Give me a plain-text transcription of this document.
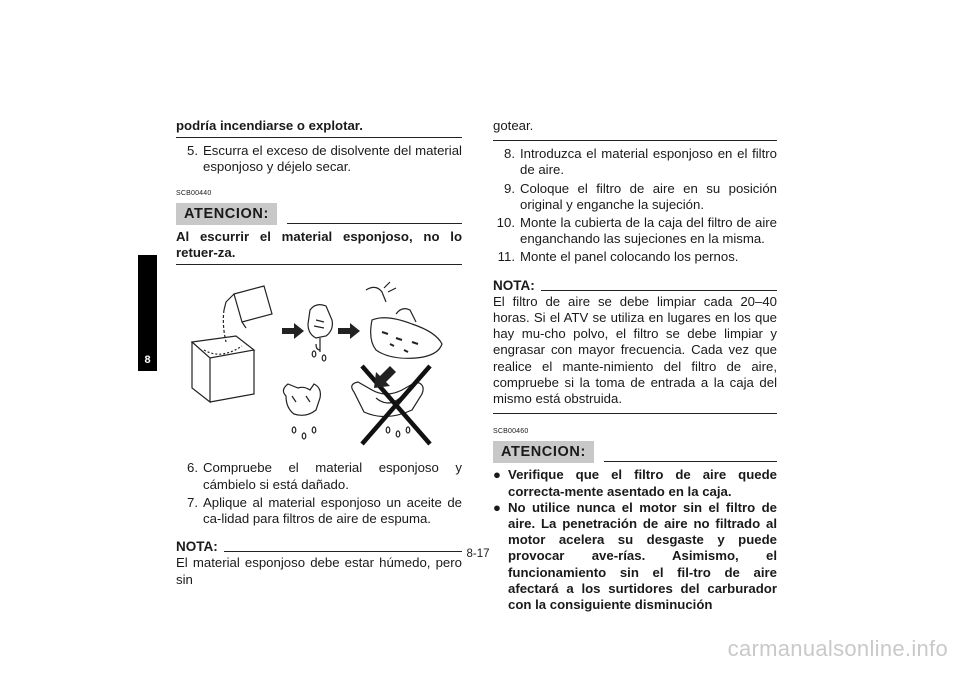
8

podría incendiarse o explotar.

5. Escurra el exceso de disolvente del material esponjoso y déjelo secar.
SCB00440
ATENCION:

Al escurrir el material esponjoso, no lo retuer-za.

6. Compruebe el material esponjoso y cámbielo si está dañado.
7. Aplique al material esponjoso un aceite de ca-lidad para filtros de aire de espuma.
NOTA:

El material esponjoso debe estar húmedo, pero sin

gotear.

8. Introduzca el material esponjoso en el filtro de aire.
9. Coloque el filtro de aire en su posición original y enganche la sujeción.
10. Monte la cubierta de la caja del filtro de aire enganchando las sujeciones en la misma.
11. Monte el panel colocando los pernos.
NOTA:

El filtro de aire se debe limpiar cada 20–40 horas. Si el ATV se utiliza en lugares en los que hay mu-cho polvo, el filtro se debe limpiar y engrasar con mayor frecuencia. Cada vez que realice el mante-nimiento del filtro de aire, compruebe si la toma de entrada a la caja del mismo está obstruida.

SCB00460
ATENCION:
● Verifique que el filtro de aire quede correcta-mente asentado en la caja.
● No utilice nunca el motor sin el filtro de aire. La penetración de aire no filtrado al motor acelera su desgaste y puede provocar ave-rías. Asimismo, el funcionamiento sin el fil-tro de aire afectará a los surtidores del carburador con la consiguiente disminución
8-17
carmanualsonline.info
